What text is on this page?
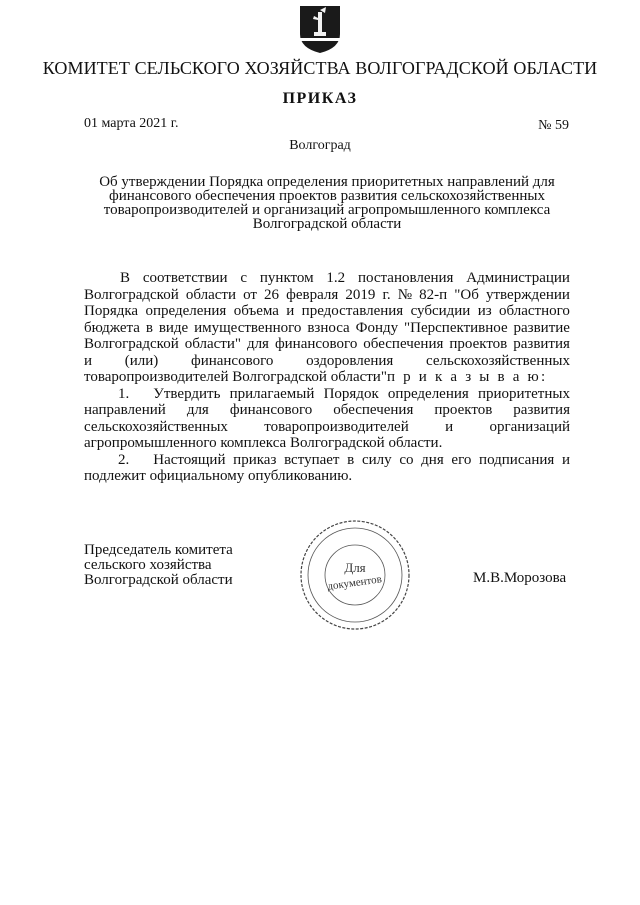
КОМИТЕТ СЕЛЬСКОГО ХОЗЯЙСТВА ВОЛГОГРАДСКОЙ ОБЛАСТИ
ПРИКАЗ
01 марта 2021 г.	№ 59
Волгоград
Об утверждении Порядка определения приоритетных направлений для
финансового обеспечения проектов развития сельскохозяйственных
товаропроизводителей и организаций агропромышленного комплекса
Волгоградской области
В соответствии с пунктом 1.2 постановления Администрации
Волгоградской области от 26 февраля 2019 г. № 82-п "Об утверждении
Порядка определения объема и предоставления субсидии из областного
бюджета в виде имущественного взноса Фонду "Перспективное развитие
Волгоградской области" для финансового обеспечения проектов развития
и (или) финансового оздоровления сельскохозяйственных
товаропроизводителей Волгоградской области" п р и к а з ы в а ю:
1. Утвердить прилагаемый Порядок определения приоритетных
направлений для финансового обеспечения проектов развития
сельскохозяйственных товаропроизводителей и организаций
агропромышленного комплекса Волгоградской области.
2. Настоящий приказ вступает в силу со дня его подписания и
подлежит официальному опубликованию.
Председатель комитета
сельского хозяйства
Волгоградской области
Для
документов	М.В.Морозова
